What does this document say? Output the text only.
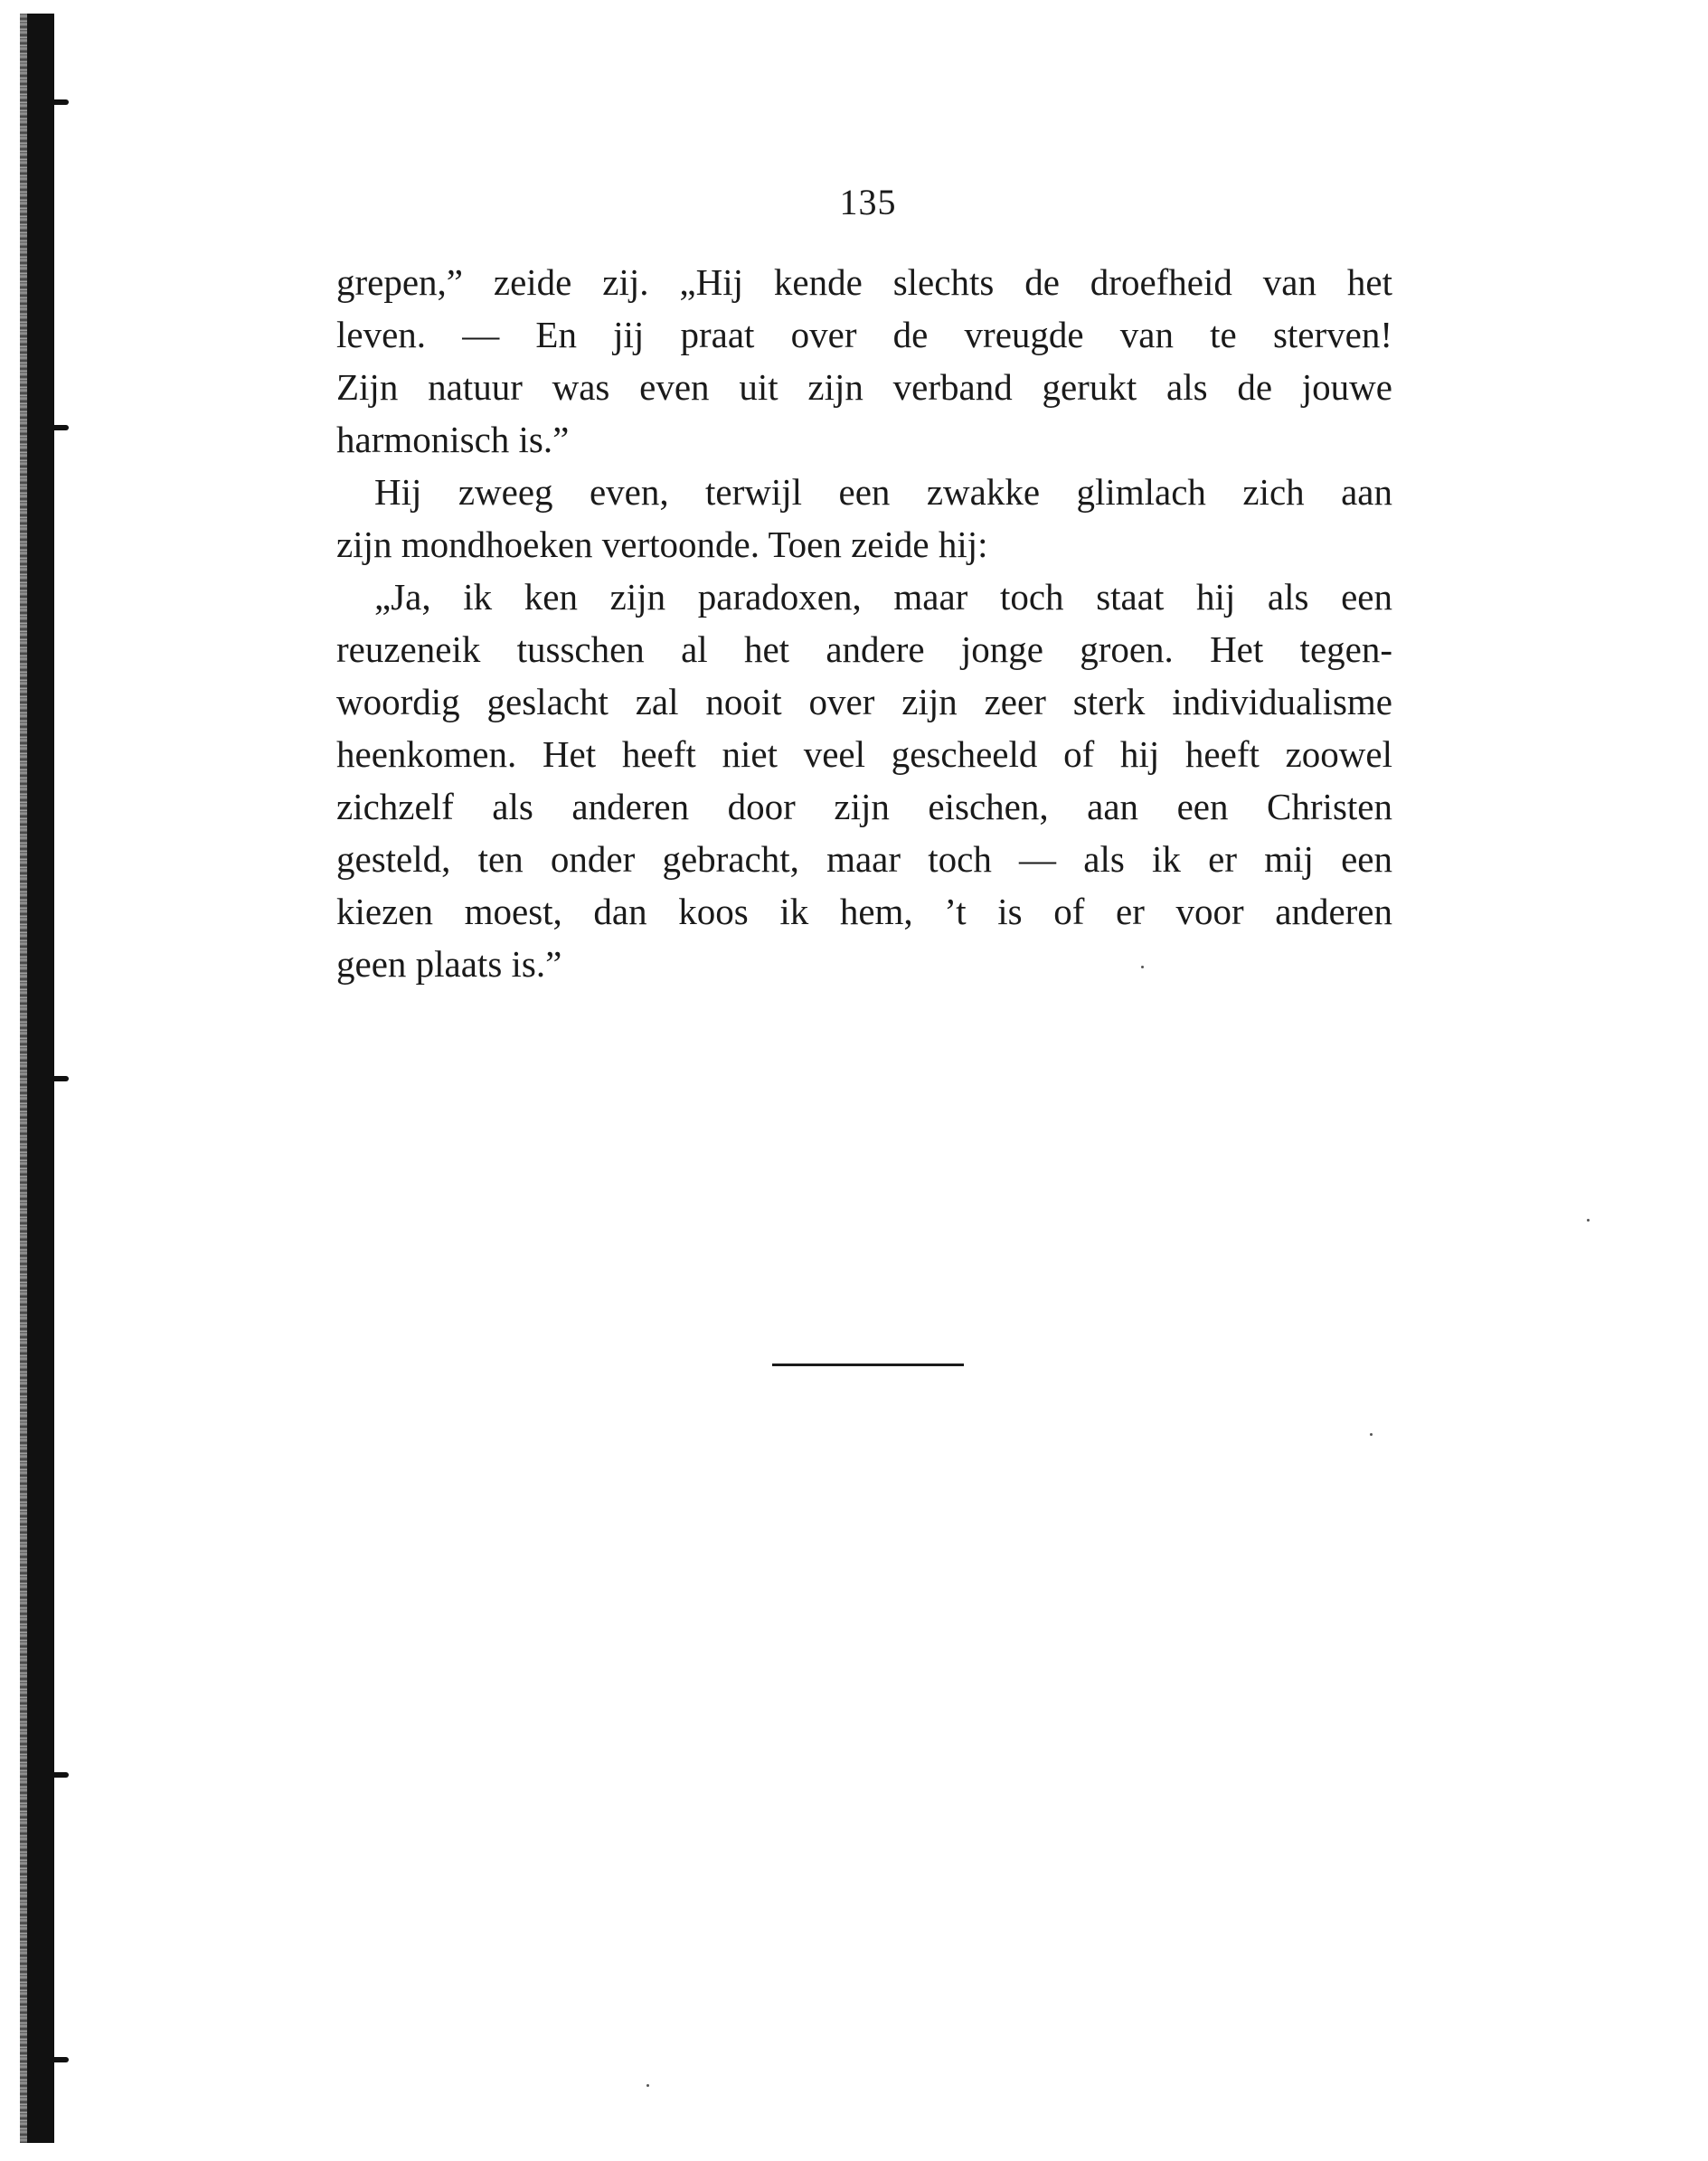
135
grepen,” zeide zij. „Hij kende slechts de droefheid van het
leven. — En jij praat over de vreugde van te sterven!
Zijn natuur was even uit zijn verband gerukt als de jouwe
harmonisch is.”
Hij zweeg even, terwijl een zwakke glimlach zich aan
zijn mondhoeken vertoonde. Toen zeide hij:
„Ja, ik ken zijn paradoxen, maar toch staat hij als een
reuzeneik tusschen al het andere jonge groen. Het tegen-
woordig geslacht zal nooit over zijn zeer sterk individualisme
heenkomen. Het heeft niet veel gescheeld of hij heeft zoowel
zichzelf als anderen door zijn eischen, aan een Christen
gesteld, ten onder gebracht, maar toch — als ik er mij een
kiezen moest, dan koos ik hem, ’t is of er voor anderen
geen plaats is.”
